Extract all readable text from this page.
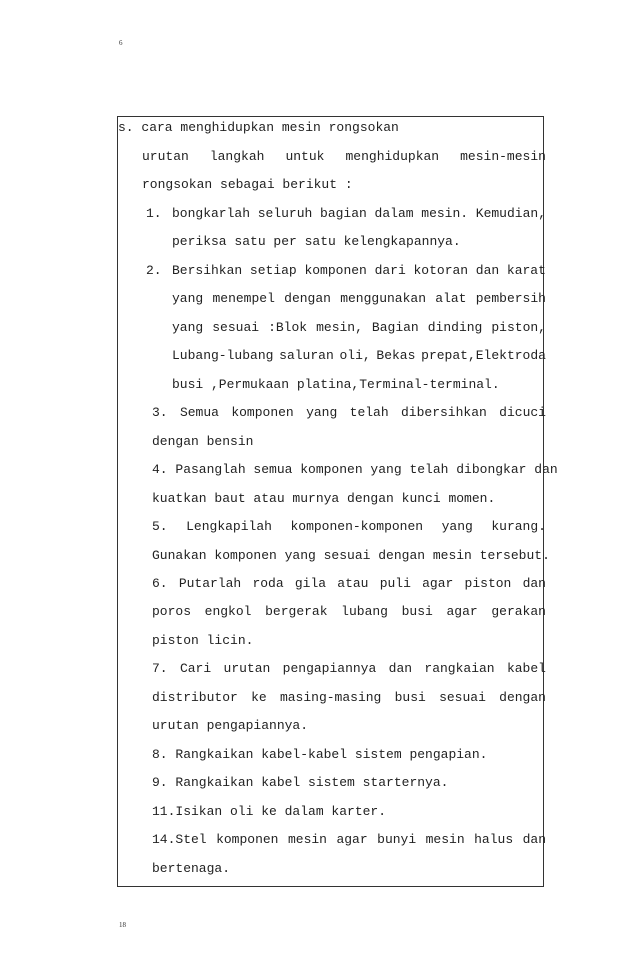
6
s. cara menghidupkan mesin rongsokan
urutan langkah untuk menghidupkan mesin-mesin
rongsokan sebagai berikut :
1. bongkarlah seluruh bagian dalam mesin. Kemudian,
periksa satu per satu kelengkapannya.
2. Bersihkan setiap komponen dari kotoran dan karat
yang menempel dengan menggunakan alat pembersih
yang sesuai :Blok mesin, Bagian dinding piston,
Lubang-lubang saluran oli, Bekas prepat,Elektroda
busi ,Permukaan platina,Terminal-terminal.
3. Semua komponen yang telah dibersihkan dicuci
dengan bensin
4. Pasanglah semua komponen yang telah dibongkar dan
kuatkan baut atau murnya dengan kunci momen.
5. Lengkapilah komponen-komponen yang kurang.
Gunakan komponen yang sesuai dengan mesin tersebut.
6. Putarlah roda gila atau puli agar piston dan
poros engkol bergerak lubang busi agar gerakan
piston licin.
7. Cari urutan pengapiannya dan rangkaian kabel
distributor ke masing-masing busi sesuai dengan
urutan pengapiannya.
8. Rangkaikan kabel-kabel sistem pengapian.
9. Rangkaikan kabel sistem starternya.
11.Isikan oli ke dalam karter.
14.Stel komponen mesin agar bunyi mesin halus dan
bertenaga.
18
